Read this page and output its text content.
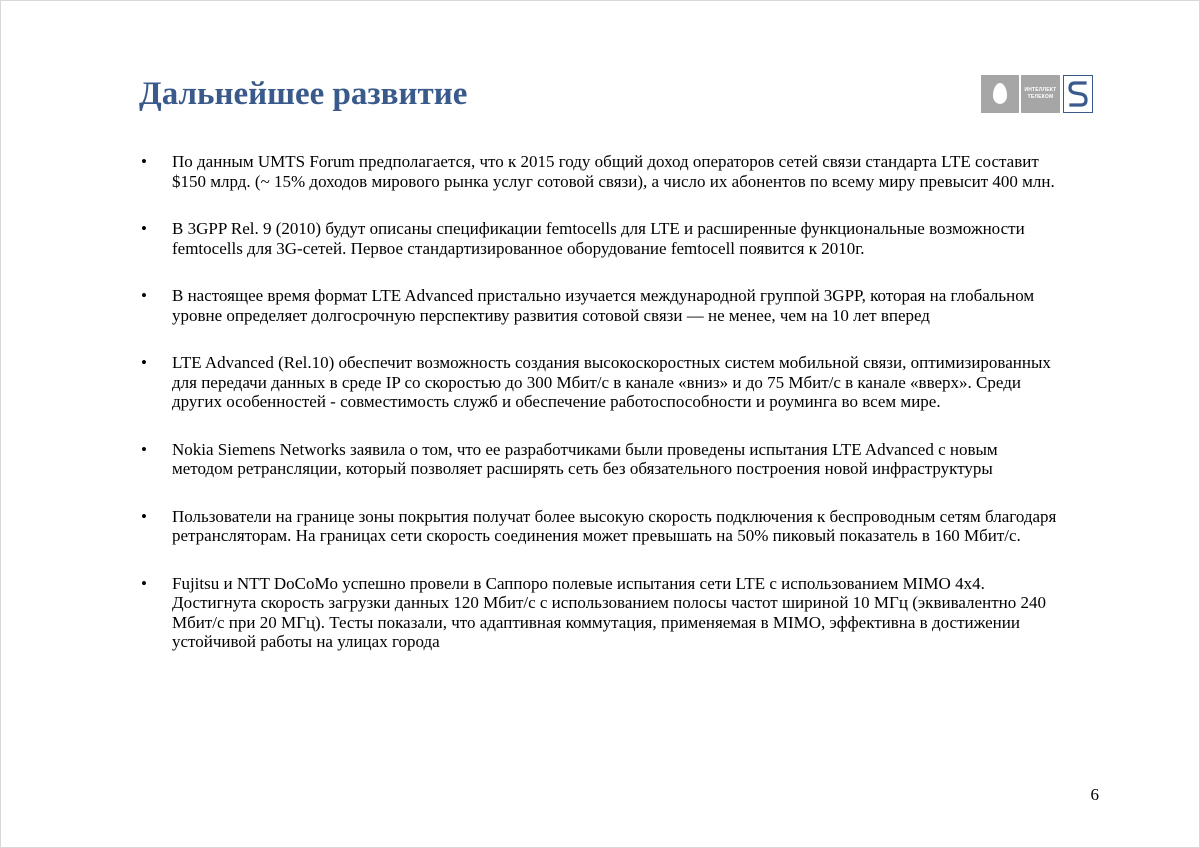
Дальнейшее развитие	ИНТЕЛЛЕКТ
ТЕЛЕКОМ
• По данным UMTS Forum предполагается, что к 2015 году общий доход операторов сетей связи стандарта LTE составит $150 млрд. (~ 15% доходов мирового рынка услуг сотовой связи), а число их абонентов по всему миру превысит 400 млн.
• В 3GPP Rel. 9 (2010) будут описаны спецификации femtocells для LTE и расширенные функциональные возможности femtocells для 3G-сетей. Первое стандартизированное оборудование femtocell появится к 2010г.
• В настоящее время формат LTE Advanced пристально изучается международной группой 3GPP, которая на глобальном уровне определяет долгосрочную перспективу развития сотовой связи — не менее, чем на 10 лет вперед
• LTE Advanced (Rel.10) обеспечит возможность создания высокоскоростных систем мобильной связи, оптимизированных для передачи данных в среде IP со скоростью до 300 Мбит/с в канале «вниз» и до 75 Мбит/с в канале «вверх». Среди других особенностей - совместимость служб и обеспечение работоспособности и роуминга во всем мире.
• Nokia Siemens Networks заявила о том, что ее разработчиками были проведены испытания LTE Advanced с новым методом ретрансляции, который позволяет расширять сеть без обязательного построения новой инфраструктуры
• Пользователи на границе зоны покрытия получат более высокую скорость подключения к беспроводным сетям благодаря ретрансляторам. На границах сети скорость соединения может превышать на 50% пиковый показатель в 160 Мбит/с.
• Fujitsu и NTT DoCoMo успешно провели в Саппоро полевые испытания сети LTE с использованием MIMO 4x4. Достигнута скорость загрузки данных 120 Мбит/с с использованием полосы частот шириной 10 МГц (эквивалентно 240 Мбит/с при 20 МГц). Тесты показали, что адаптивная коммутация, применяемая в MIMO, эффективна в достижении устойчивой работы на улицах города
6
